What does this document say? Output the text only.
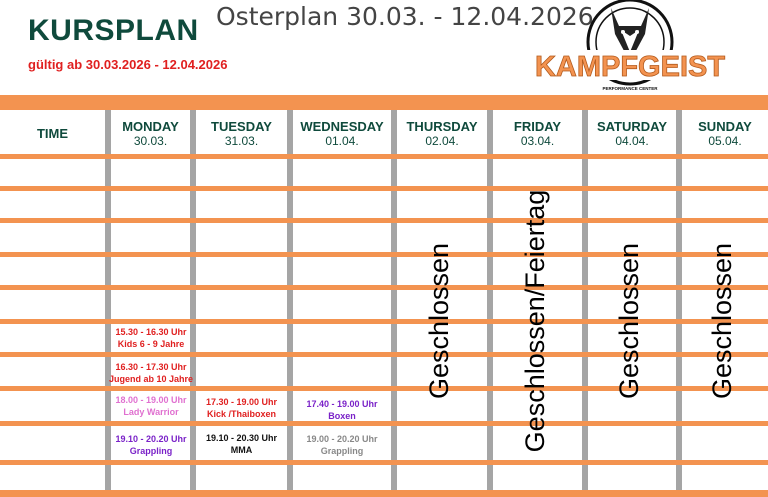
KURSPLAN Osterplan 30.03. - 12.04.2026
gültig ab 30.03.2026 - 12.04.2026	KAMPFGEIST
PERFORMANCE CENTER
TIME	MONDAY
30.03.
TUESDAY
31.03.
WEDNESDAY
01.04.
THURSDAY
02.04.
FRIDAY
03.04.
SATURDAY
04.04.
SUNDAY
05.04.
15.30 - 16.30 Uhr
Kids 6 - 9 Jahre
16.30 - 17.30 Uhr
Jugend ab 10 Jahre
18.00 - 19.00 Uhr
Lady Warrior
19.10 - 20.20 Uhr
Grappling
17.30 - 19.00 Uhr
Kick /Thaiboxen
19.10 - 20.30 Uhr
MMA
17.40 - 19.00 Uhr
Boxen
19.00 - 20.20 Uhr
Grappling
Geschlossen Geschlossen/Feiertag Geschlossen Geschlossen
